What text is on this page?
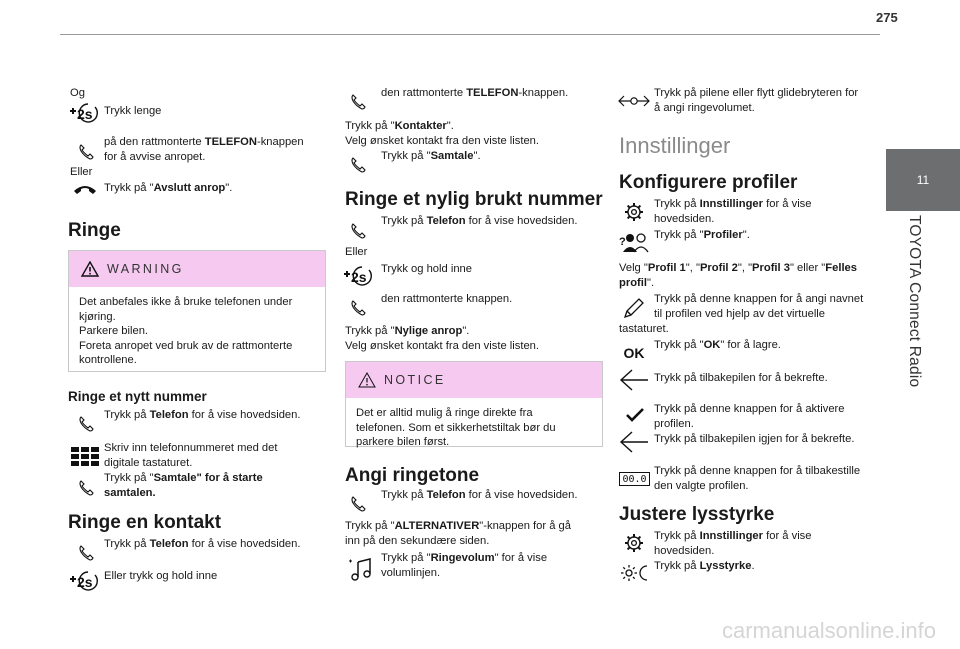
275
11
TOYOTA Connect Radio
Og
2s Trykk lenge
på den rattmonterte TELEFON-knappen
for å avvise anropet.
Eller
Trykk på "Avslutt anrop".
Ringe
WARNING
Det anbefales ikke å bruke telefonen under
kjøring.
Parkere bilen.
Foreta anropet ved bruk av de rattmonterte
kontrollene.
Ringe et nytt nummer
Trykk på Telefon for å vise hovedsiden.
Skriv inn telefonnummeret med det
digitale tastaturet.
Trykk på "Samtale" for å starte
samtalen.
Ringe en kontakt
Trykk på Telefon for å vise hovedsiden.
2s Eller trykk og hold inne
den rattmonterte TELEFON-knappen.
Trykk på "Kontakter".
Velg ønsket kontakt fra den viste listen.
Trykk på "Samtale".
Ringe et nylig brukt nummer
Trykk på Telefon for å vise hovedsiden.
Eller
2s Trykk og hold inne
den rattmonterte knappen.
Trykk på "Nylige anrop".
Velg ønsket kontakt fra den viste listen.
NOTICE
Det er alltid mulig å ringe direkte fra
telefonen. Som et sikkerhetstiltak bør du
parkere bilen først.
Angi ringetone
Trykk på Telefon for å vise hovedsiden.
Trykk på "ALTERNATIVER"-knappen for å gå
inn på den sekundære siden.
Trykk på "Ringevolum" for å vise
volumlinjen.
Trykk på pilene eller flytt glidebryteren for
å angi ringevolumet.
Innstillinger
Konfigurere profiler
Trykk på Innstillinger for å vise
hovedsiden.
?
Trykk på "Profiler".
Velg "Profil 1", "Profil 2", "Profil 3" eller "Felles
profil".
Trykk på denne knappen for å angi navnet
til profilen ved hjelp av det virtuelle
tastaturet.
OK Trykk på "OK" for å lagre.
Trykk på tilbakepilen for å bekrefte.
Trykk på denne knappen for å aktivere
profilen.
Trykk på tilbakepilen igjen for å bekrefte.
00.0
Trykk på denne knappen for å tilbakestille
den valgte profilen.
Justere lysstyrke
Trykk på Innstillinger for å vise
hovedsiden.
Trykk på Lysstyrke.
carmanualsonline.info
